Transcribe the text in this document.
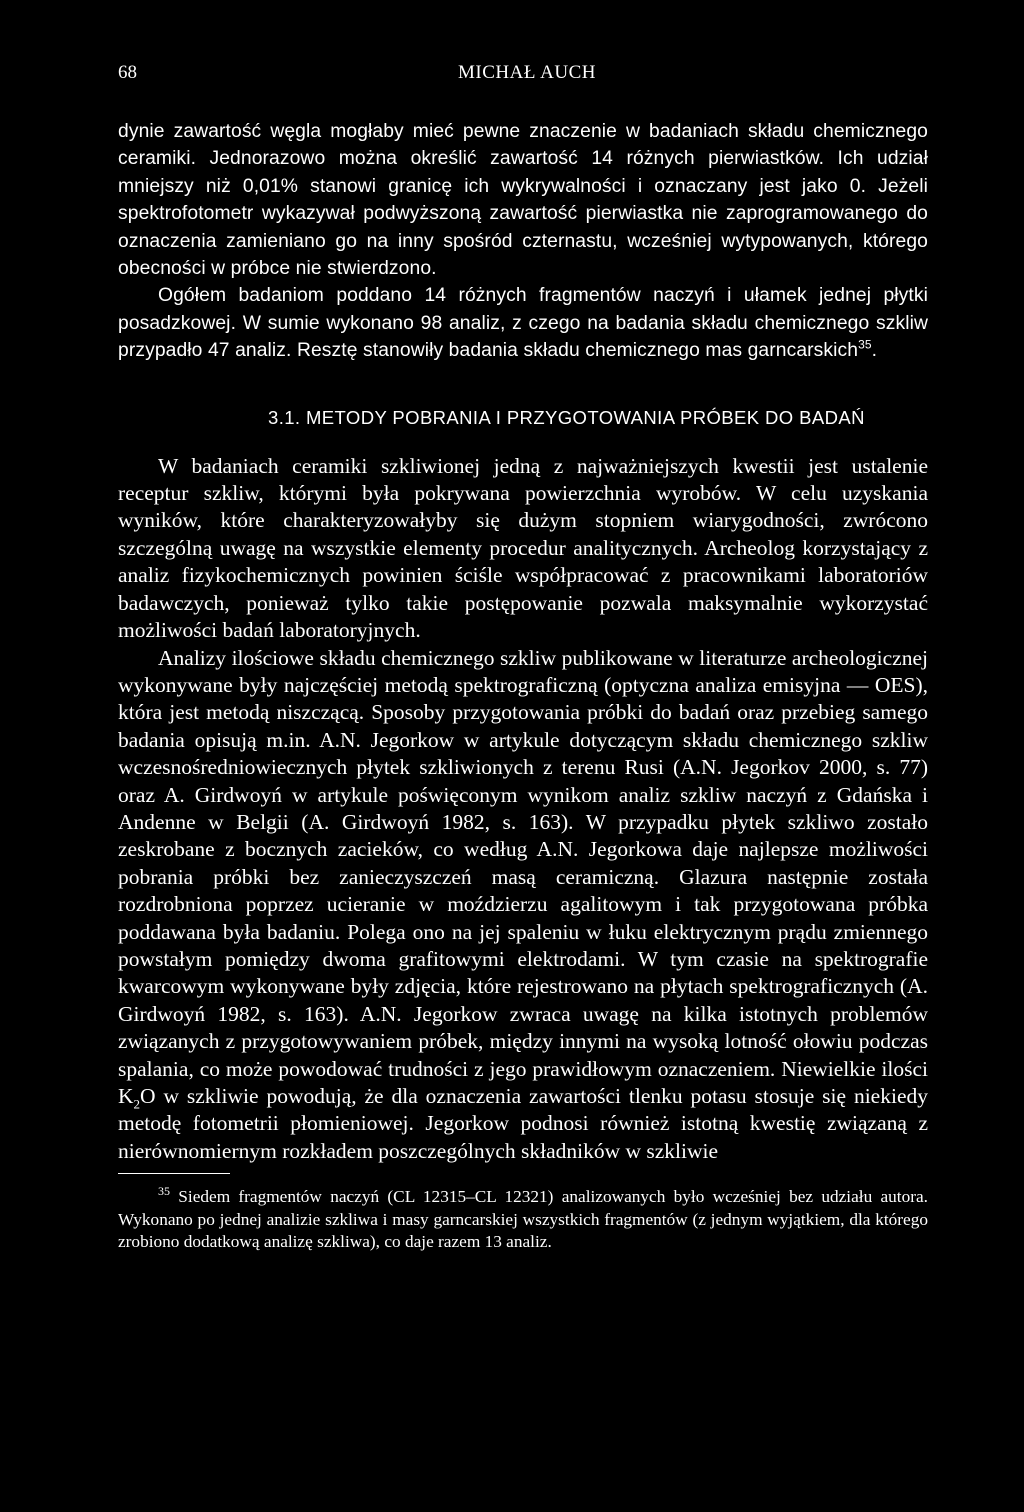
68	MICHAŁ AUCH

dynie zawartość węgla mogłaby mieć pewne znaczenie w badaniach składu chemicznego ceramiki. Jednorazowo można określić zawartość 14 różnych pierwiastków. Ich udział mniejszy niż 0,01% stanowi granicę ich wykrywalności i oznaczany jest jako 0. Jeżeli spektrofotometr wykazywał podwyższoną zawartość pierwiastka nie zaprogramowanego do oznaczenia zamieniano go na inny spośród czternastu, wcześniej wytypowanych, którego obecności w próbce nie stwierdzono.
Ogółem badaniom poddano 14 różnych fragmentów naczyń i ułamek jednej płytki posadzkowej. W sumie wykonano 98 analiz, z czego na badania składu chemicznego szkliw przypadło 47 analiz. Resztę stanowiły badania składu chemicznego mas garncarskich$^{35}$.

3.1. METODY POBRANIA I PRZYGOTOWANIA PRÓBEK DO BADAŃ

W badaniach ceramiki szkliwionej jedną z najważniejszych kwestii jest ustalenie receptur szkliw, którymi była pokrywana powierzchnia wyrobów. W celu uzyskania wyników, które charakteryzowałyby się dużym stopniem wiarygodności, zwrócono szczególną uwagę na wszystkie elementy procedur analitycznych. Archeolog korzystający z analiz fizykochemicznych powinien ściśle współpracować z pracownikami laboratoriów badawczych, ponieważ tylko takie postępowanie pozwala maksymalnie wykorzystać możliwości badań laboratoryjnych.
Analizy ilościowe składu chemicznego szkliw publikowane w literaturze archeologicznej wykonywane były najczęściej metodą spektrograficzną (optyczna analiza emisyjna — OES), która jest metodą niszczącą. Sposoby przygotowania próbki do badań oraz przebieg samego badania opisują m.in. A.N. Jegorkow w artykule dotyczącym składu chemicznego szkliw wczesnośredniowiecznych płytek szkliwionych z terenu Rusi (A.N. Jegorkov 2000, s. 77) oraz A. Girdwoyń w artykule poświęconym wynikom analiz szkliw naczyń z Gdańska i Andenne w Belgii (A. Girdwoyń 1982, s. 163). W przypadku płytek szkliwo zostało zeskrobane z bocznych zacieków, co według A.N. Jegorkowa daje najlepsze możliwości pobrania próbki bez zanieczyszczeń masą ceramiczną. Glazura następnie została rozdrobniona poprzez ucieranie w moździerzu agalitowym i tak przygotowana próbka poddawana była badaniu. Polega ono na jej spaleniu w łuku elektrycznym prądu zmiennego powstałym pomiędzy dwoma grafitowymi elektrodami. W tym czasie na spektrografie kwarcowym wykonywane były zdjęcia, które rejestrowano na płytach spektrograficznych (A. Girdwoyń 1982, s. 163). A.N. Jegorkow zwraca uwagę na kilka istotnych problemów związanych z przygotowywaniem próbek, między innymi na wysoką lotność ołowiu podczas spalania, co może powodować trudności z jego prawidłowym oznaczeniem. Niewielkie ilości $K_2O$ w szkliwie powodują, że dla oznaczenia zawartości tlenku potasu stosuje się niekiedy metodę fotometrii płomieniowej. Jegorkow podnosi również istotną kwestię związaną z nierównomiernym rozkładem poszczególnych składników w szkliwie

$^{35}$ Siedem fragmentów naczyń (CL 12315–CL 12321) analizowanych było wcześniej bez udziału autora. Wykonano po jednej analizie szkliwa i masy garncarskiej wszystkich fragmentów (z jednym wyjątkiem, dla którego zrobiono dodatkową analizę szkliwa), co daje razem 13 analiz.
